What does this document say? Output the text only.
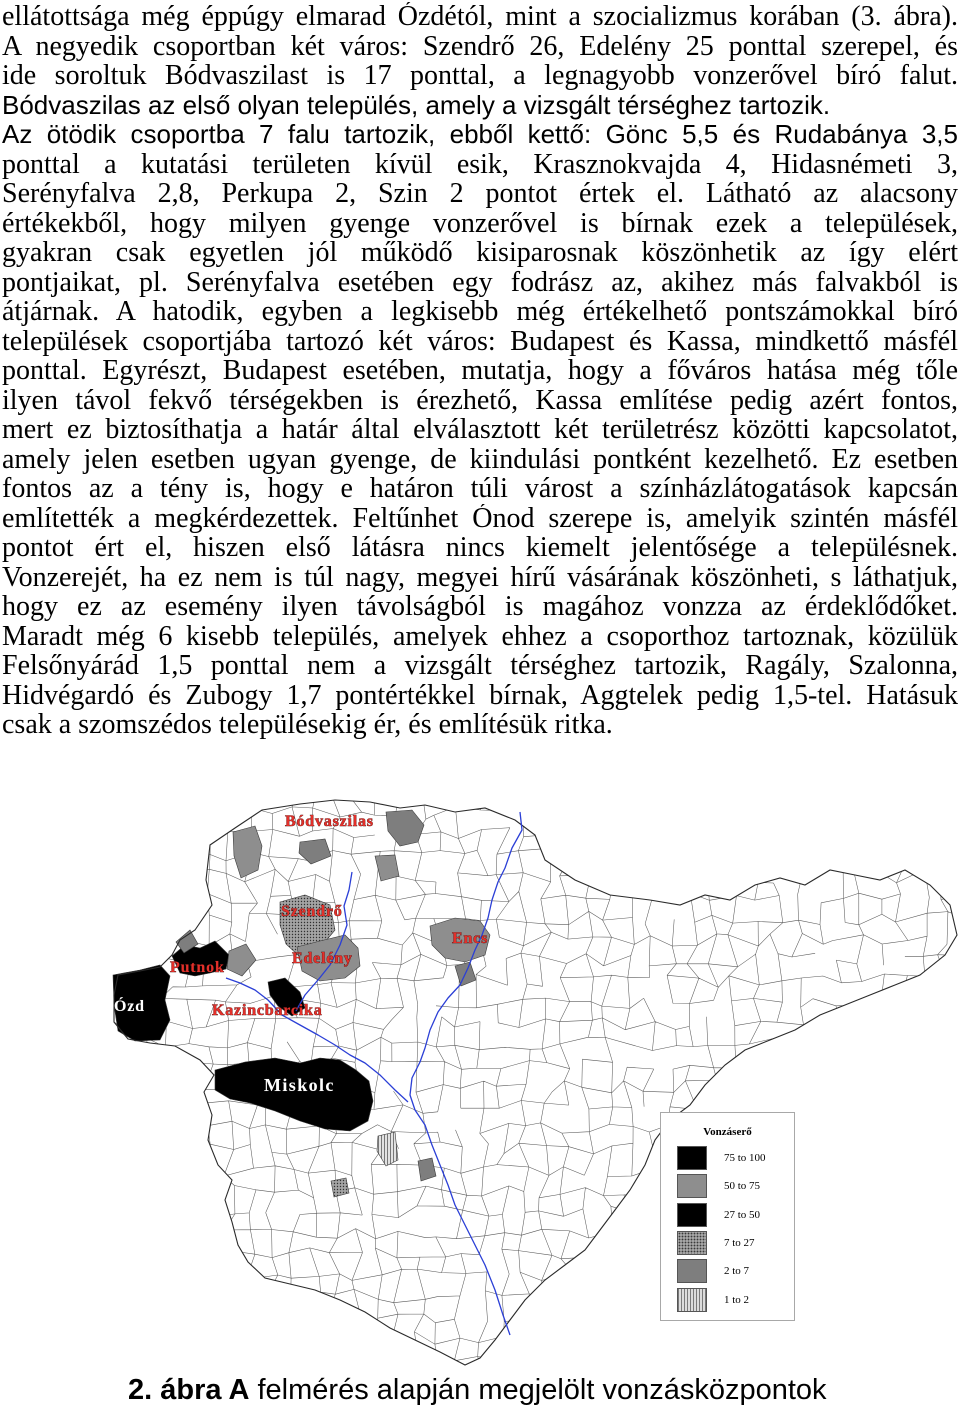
ellátottsága még éppúgy elmarad Ózdétól, mint a szocializmus korában (3. ábra).
A negyedik csoportban két város: Szendrő 26, Edelény 25 ponttal szerepel, és
ide soroltuk Bódvaszilast is 17 ponttal, a legnagyobb vonzerővel bíró falut.
Bódvaszilas az első olyan település, amely a vizsgált térséghez tartozik.
Az ötödik csoportba 7 falu tartozik, ebből kettő: Gönc 5,5 és Rudabánya 3,5
ponttal a kutatási területen kívül esik, Krasznokvajda 4, Hidasnémeti 3,
Serényfalva 2,8, Perkupa 2, Szin 2 pontot értek el. Látható az alacsony
értékekből, hogy milyen gyenge vonzerővel is bírnak ezek a települések,
gyakran csak egyetlen jól működő kisiparosnak köszönhetik az így elért
pontjaikat, pl. Serényfalva esetében egy fodrász az, akihez más falvakból is
átjárnak. A hatodik, egyben a legkisebb még értékelhető pontszámokkal bíró
települések csoportjába tartozó két város: Budapest és Kassa, mindkettő másfél
ponttal. Egyrészt, Budapest esetében, mutatja, hogy a főváros hatása még tőle
ilyen távol fekvő térségekben is érezhető, Kassa említése pedig azért fontos,
mert ez biztosíthatja a határ által elválasztott két területrész közötti kapcsolatot,
amely jelen esetben ugyan gyenge, de kiindulási pontként kezelhető. Ez esetben
fontos az a tény is, hogy e határon túli várost a színházlátogatások kapcsán
említették a megkérdezettek. Feltűnhet Ónod szerepe is, amelyik szintén másfél
pontot ért el, hiszen első látásra nincs kiemelt jelentősége a településnek.
Vonzerejét, ha ez nem is túl nagy, megyei hírű vásárának köszönheti, s láthatjuk,
hogy ez az esemény ilyen távolságból is magához vonzza az érdeklődőket.
Maradt még 6 kisebb település, amelyek ehhez a csoporthoz tartoznak, közülük
Felsőnyárád 1,5 ponttal nem a vizsgált térséghez tartozik, Ragály, Szalonna,
Hidvégardó és Zubogy 1,7 pontértékkel bírnak, Aggtelek pedig 1,5-tel. Hatásuk
csak a szomszédos településekig ér, és említésük ritka.
Bódvaszilas
Szendrő
Encs
Putnok
Edelény
Ózd	Kazincbarcika
Miskolc
Vonzáserő
75 to 100
50 to 75
27 to 50
7 to 27
2 to 7
1 to 2
2. ábra A felmérés alapján megjelölt vonzásközpontok
